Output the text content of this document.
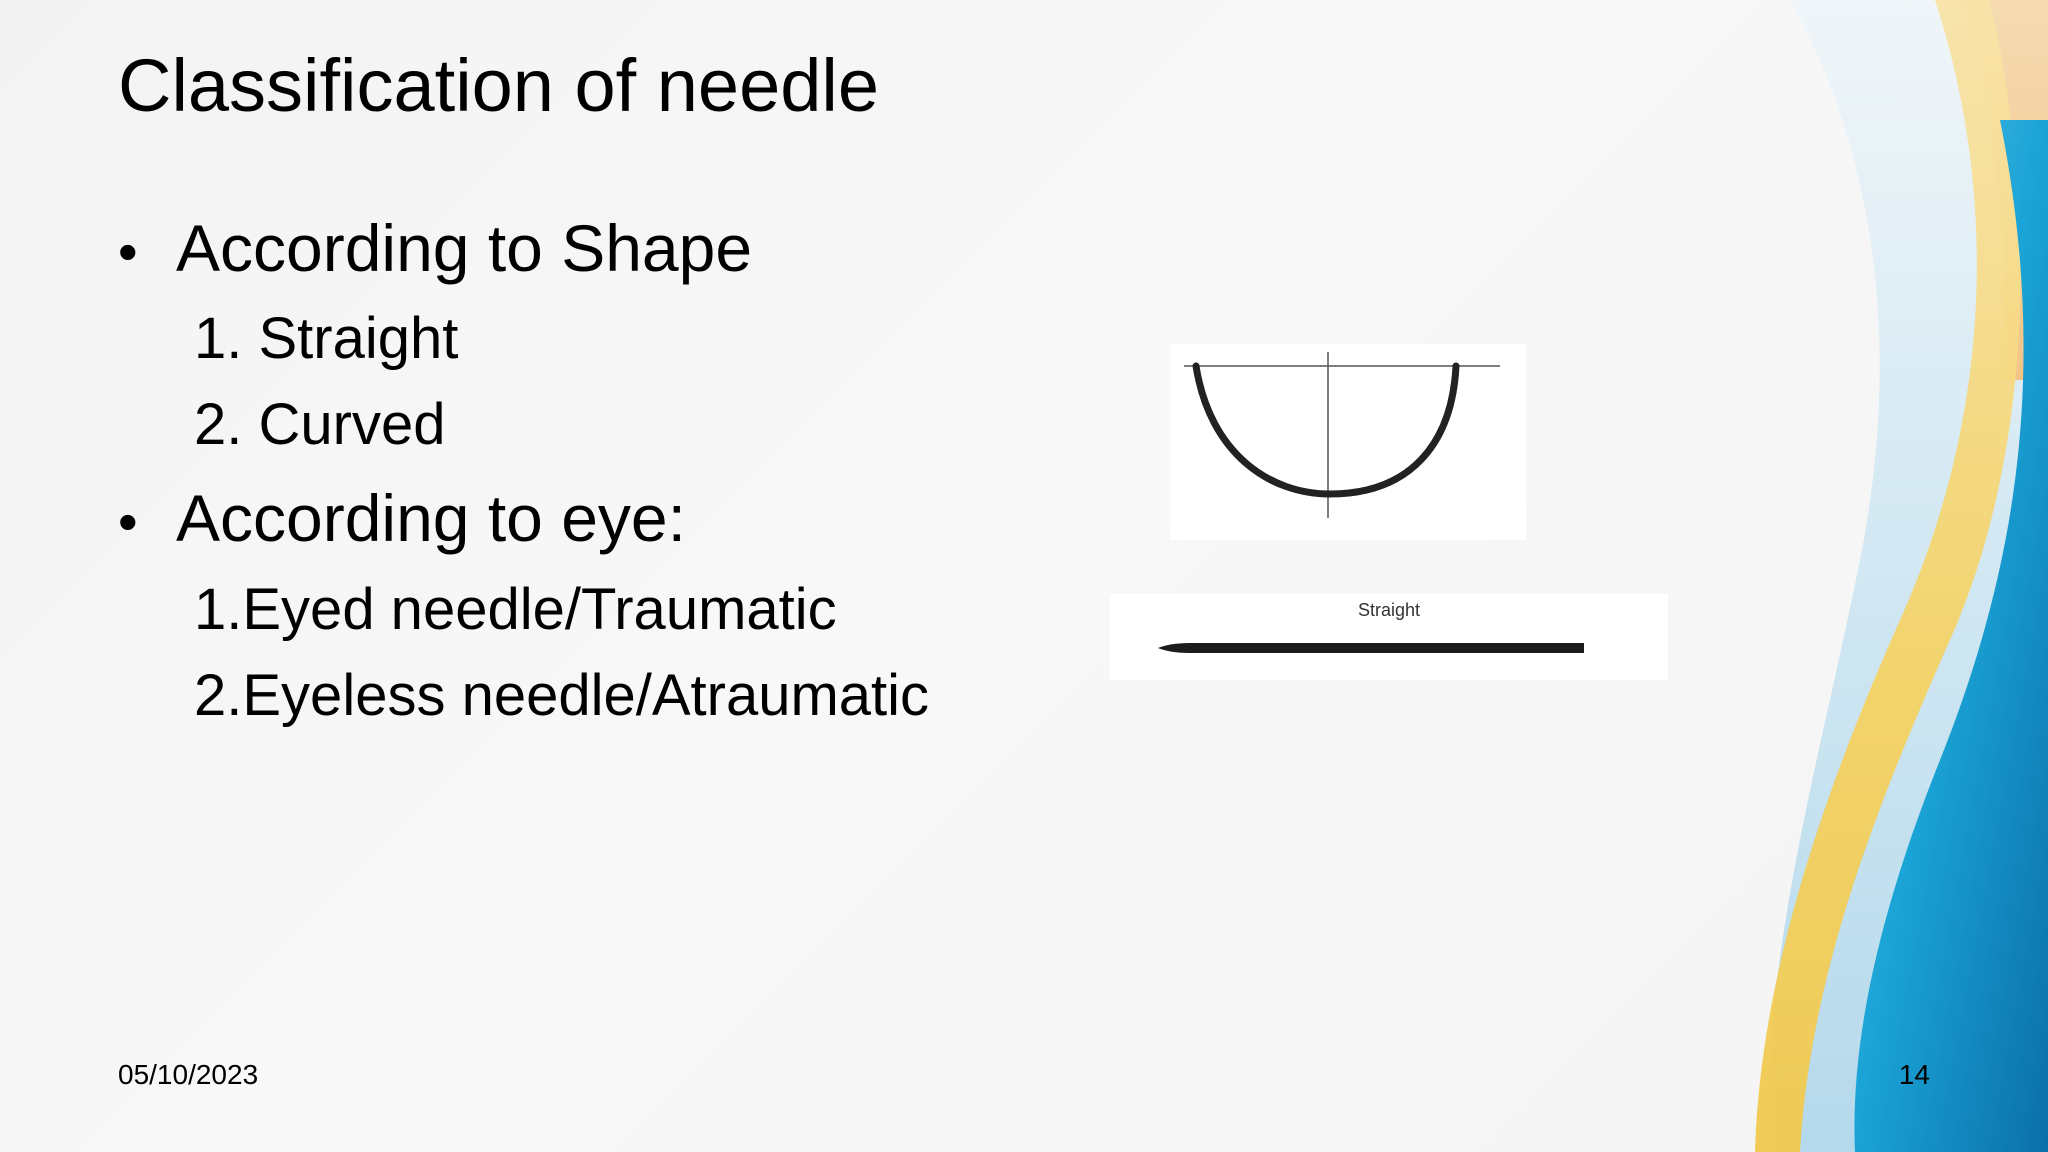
Classification of needle
• According to Shape
1. Straight
2. Curved
• According to eye:
1.Eyed needle/Traumatic
2.Eyeless needle/Atraumatic
Straight
05/10/2023	14
